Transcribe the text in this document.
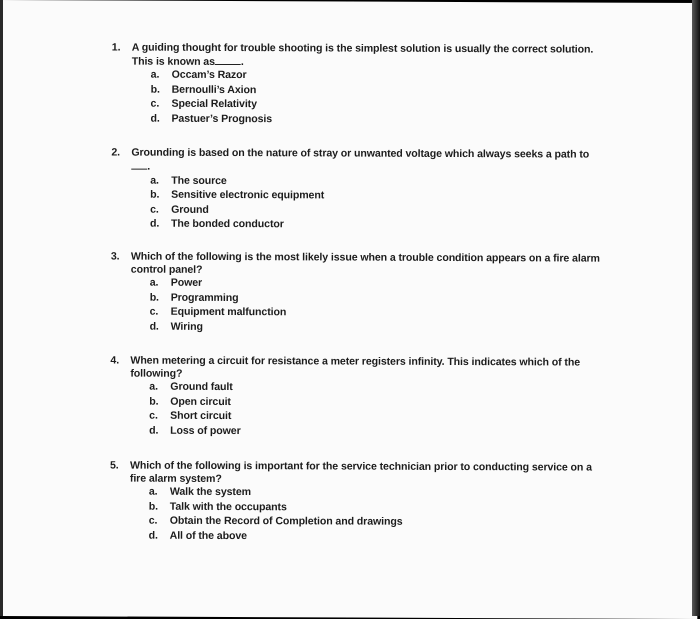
1. A guiding thought for trouble shooting is the simplest solution is usually the correct solution.
This is known as .
a. Occam’s Razor
b. Bernoulli’s Axion
c. Special Relativity
d. Pastuer’s Prognosis
2. Grounding is based on the nature of stray or unwanted voltage which always seeks a path to
.
a. The source
b. Sensitive electronic equipment
c. Ground
d. The bonded conductor
3. Which of the following is the most likely issue when a trouble condition appears on a fire alarm
control panel?
a. Power
b. Programming
c. Equipment malfunction
d. Wiring
4. When metering a circuit for resistance a meter registers infinity. This indicates which of the
following?
a. Ground fault
b. Open circuit
c. Short circuit
d. Loss of power
5. Which of the following is important for the service technician prior to conducting service on a
fire alarm system?
a. Walk the system
b. Talk with the occupants
c. Obtain the Record of Completion and drawings
d. All of the above
